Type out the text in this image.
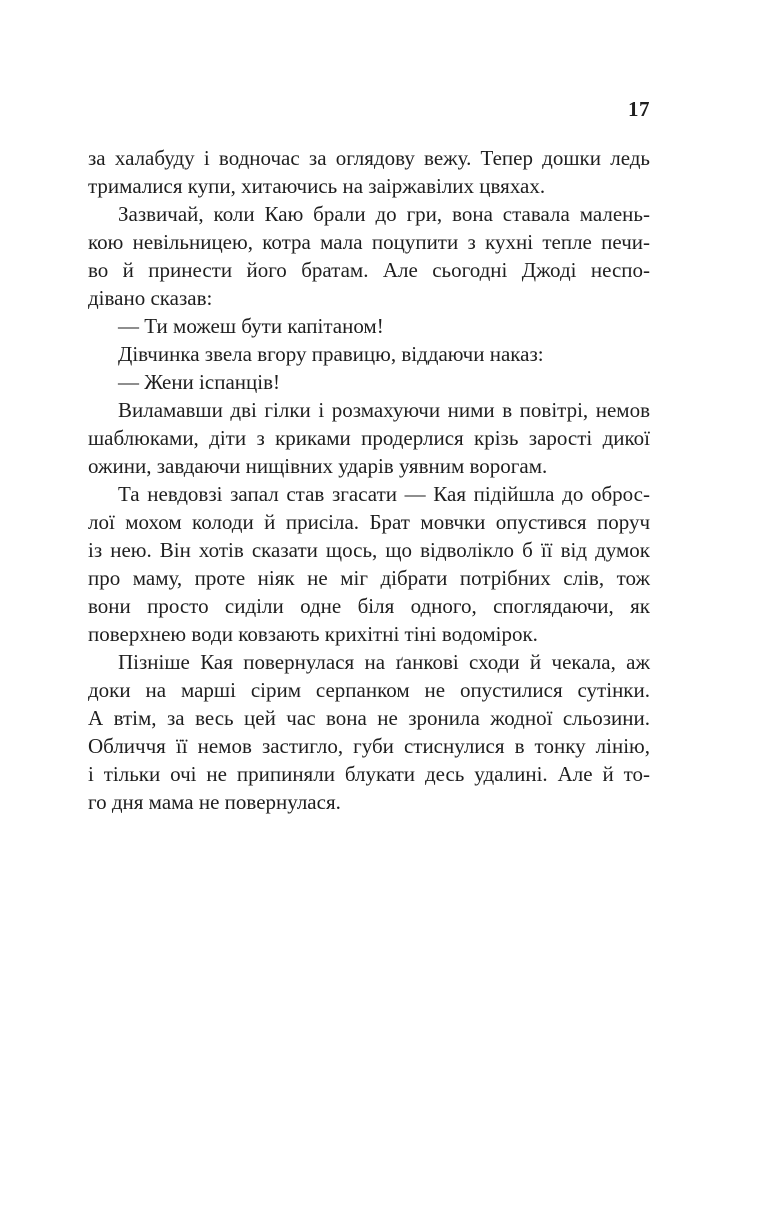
17
за халабуду і водночас за оглядову вежу. Тепер дошки ледь
трималися купи, хитаючись на заіржавілих цвяхах.
Зазвичай, коли Каю брали до гри, вона ставала малень-
кою невільницею, котра мала поцупити з кухні тепле печи-
во й принести його братам. Але сьогодні Джоді неспо-
дівано сказав:
— Ти можеш бути капітаном!
Дівчинка звела вгору правицю, віддаючи наказ:
— Жени іспанців!
Виламавши дві гілки і розмахуючи ними в повітрі, немов
шаблюками, діти з криками продерлися крізь зарості дикої
ожини, завдаючи нищівних ударів уявним ворогам.
Та невдовзі запал став згасати — Кая підійшла до оброс-
лої мохом колоди й присіла. Брат мовчки опустився поруч
із нею. Він хотів сказати щось, що відволікло б її від думок
про маму, проте ніяк не міг дібрати потрібних слів, тож
вони просто сиділи одне біля одного, споглядаючи, як
поверхнею води ковзають крихітні тіні водомірок.
Пізніше Кая повернулася на ґанкові сходи й чекала, аж
доки на марші сірим серпанком не опустилися сутінки.
А втім, за весь цей час вона не зронила жодної сльозини.
Обличчя її немов застигло, губи стиснулися в тонку лінію,
і тільки очі не припиняли блукати десь удалині. Але й то-
го дня мама не повернулася.
